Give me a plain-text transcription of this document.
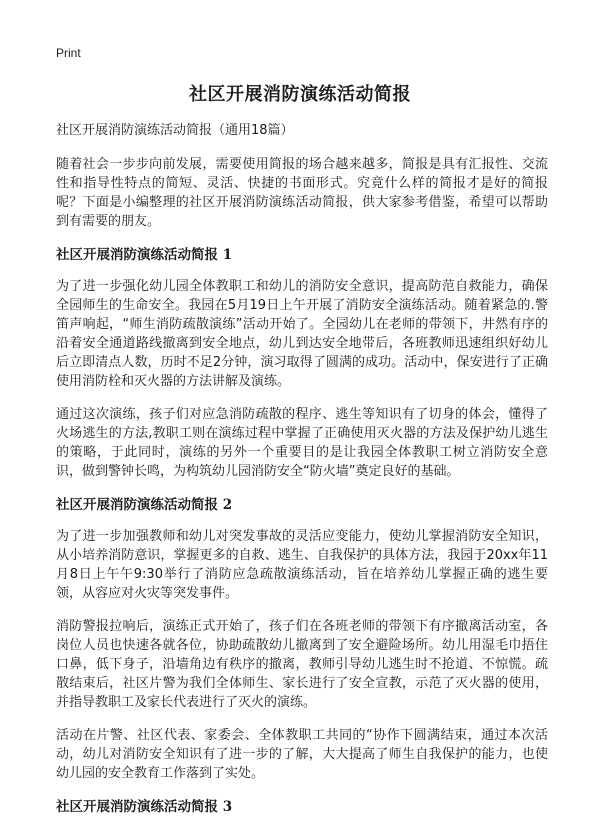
Print
社区开展消防演练活动简报
社区开展消防演练活动简报（通用18篇）

随着社会一步步向前发展，需要使用简报的场合越来越多，简报是具有汇报性、交流性和指导性特点的简短、灵活、快捷的书面形式。究竟什么样的简报才是好的简报呢？下面是小编整理的社区开展消防演练活动简报，供大家参考借鉴，希望可以帮助到有需要的朋友。

社区开展消防演练活动简报 1

为了进一步强化幼儿园全体教职工和幼儿的消防安全意识，提高防范自救能力，确保全园师生的生命安全。我园在5月19日上午开展了消防安全演练活动。随着紧急的.警笛声响起，“师生消防疏散演练”活动开始了。全园幼儿在老师的带领下，井然有序的沿着安全通道路线撤离到安全地点，幼儿到达安全地带后，各班教师迅速组织好幼儿后立即清点人数，历时不足2分钟，演习取得了圆满的成功。活动中，保安进行了正确使用消防栓和灭火器的方法讲解及演练。

通过这次演练，孩子们对应急消防疏散的程序、逃生等知识有了切身的体会，懂得了火场逃生的方法,教职工则在演练过程中掌握了正确使用灭火器的方法及保护幼儿逃生的策略，于此同时，演练的另外一个重要目的是让我园全体教职工树立消防安全意识，做到警钟长鸣，为构筑幼儿园消防安全“防火墙”奠定良好的基础。

社区开展消防演练活动简报 2

为了进一步加强教师和幼儿对突发事故的灵活应变能力，使幼儿掌握消防安全知识，从小培养消防意识，掌握更多的自救、逃生、自我保护的具体方法，我园于20xx年11月8日上午午9:30举行了消防应急疏散演练活动，旨在培养幼儿掌握正确的逃生要领，从容应对火灾等突发事件。

消防警报拉响后，演练正式开始了，孩子们在各班老师的带领下有序撤离活动室，各岗位人员也快速各就各位，协助疏散幼儿撤离到了安全避险场所。幼儿用湿毛巾捂住口鼻，低下身子，沿墙角边有秩序的撤离，教师引导幼儿逃生时不抢道、不惊慌。疏散结束后，社区片警为我们全体师生、家长进行了安全宣教，示范了灭火器的使用，并指导教职工及家长代表进行了灭火的演练。

活动在片警、社区代表、家委会、全体教职工共同的“协作下圆满结束，通过本次活动，幼儿对消防安全知识有了进一步的了解，大大提高了师生自我保护的能力，也使幼儿园的安全教育工作落到了实处。

社区开展消防演练活动简报 3
